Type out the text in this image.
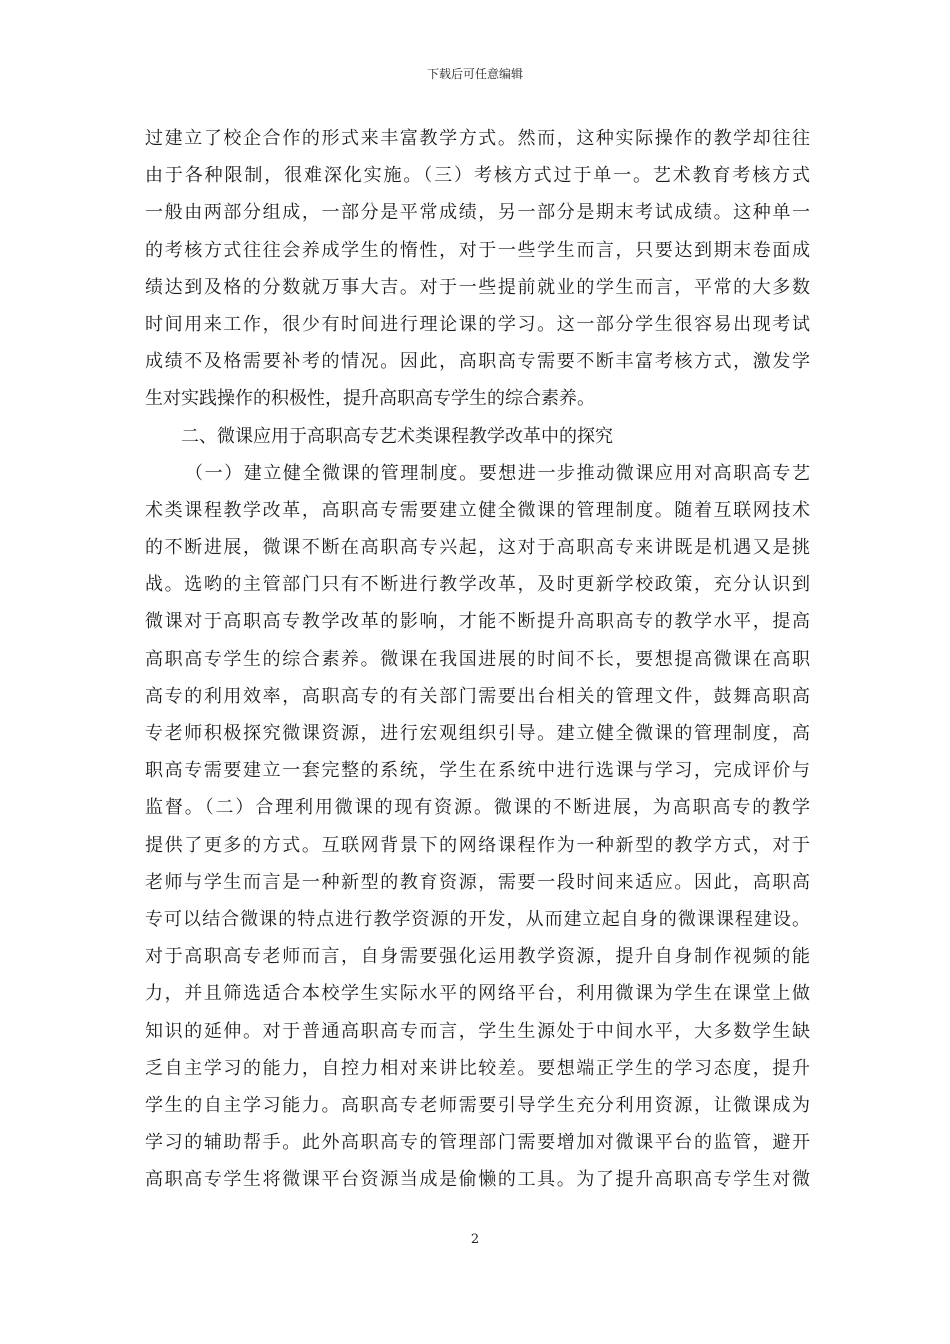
下载后可任意编辑
过建立了校企合作的形式来丰富教学方式。然而，这种实际操作的教学却往往
由于各种限制，很难深化实施。（三）考核方式过于单一。艺术教育考核方式
一般由两部分组成，一部分是平常成绩，另一部分是期末考试成绩。这种单一
的考核方式往往会养成学生的惰性，对于一些学生而言，只要达到期末卷面成
绩达到及格的分数就万事大吉。对于一些提前就业的学生而言，平常的大多数
时间用来工作，很少有时间进行理论课的学习。这一部分学生很容易出现考试
成绩不及格需要补考的情况。因此，高职高专需要不断丰富考核方式，激发学
生对实践操作的积极性，提升高职高专学生的综合素养。
二、微课应用于高职高专艺术类课程教学改革中的探究
（一）建立健全微课的管理制度。要想进一步推动微课应用对高职高专艺
术类课程教学改革，高职高专需要建立健全微课的管理制度。随着互联网技术
的不断进展，微课不断在高职高专兴起，这对于高职高专来讲既是机遇又是挑
战。选哟的主管部门只有不断进行教学改革，及时更新学校政策，充分认识到
微课对于高职高专教学改革的影响，才能不断提升高职高专的教学水平，提高
高职高专学生的综合素养。微课在我国进展的时间不长，要想提高微课在高职
高专的利用效率，高职高专的有关部门需要出台相关的管理文件，鼓舞高职高
专老师积极探究微课资源，进行宏观组织引导。建立健全微课的管理制度，高
职高专需要建立一套完整的系统，学生在系统中进行选课与学习，完成评价与
监督。（二）合理利用微课的现有资源。微课的不断进展，为高职高专的教学
提供了更多的方式。互联网背景下的网络课程作为一种新型的教学方式，对于
老师与学生而言是一种新型的教育资源，需要一段时间来适应。因此，高职高
专可以结合微课的特点进行教学资源的开发，从而建立起自身的微课课程建设。
对于高职高专老师而言，自身需要强化运用教学资源，提升自身制作视频的能
力，并且筛选适合本校学生实际水平的网络平台，利用微课为学生在课堂上做
知识的延伸。对于普通高职高专而言，学生生源处于中间水平，大多数学生缺
乏自主学习的能力，自控力相对来讲比较差。要想端正学生的学习态度，提升
学生的自主学习能力。高职高专老师需要引导学生充分利用资源，让微课成为
学习的辅助帮手。此外高职高专的管理部门需要增加对微课平台的监管，避开
高职高专学生将微课平台资源当成是偷懒的工具。为了提升高职高专学生对微
2
